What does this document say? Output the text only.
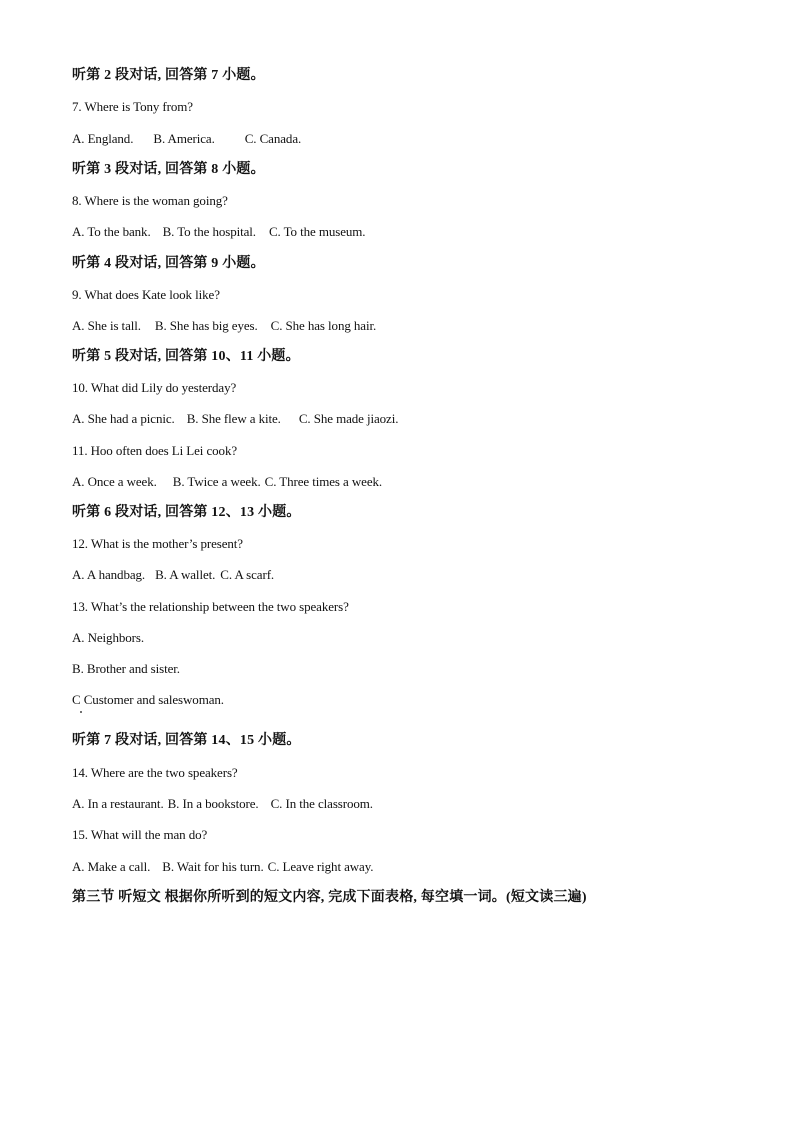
听第 2 段对话, 回答第 7 小题。
7. Where is Tony from?
A. England. B. America. C. Canada.
听第 3 段对话, 回答第 8 小题。
8. Where is the woman going?
A. To the bank. B. To the hospital. C. To the museum.
听第 4 段对话, 回答第 9 小题。
9. What does Kate look like?
A. She is tall. B. She has big eyes. C. She has long hair.
听第 5 段对话, 回答第 10、11 小题。
10. What did Lily do yesterday?
A. She had a picnic. B. She flew a kite. C. She made jiaozi.
11. Hoo often does Li Lei cook?
A. Once a week. B. Twice a week. C. Three times a week.
听第 6 段对话, 回答第 12、13 小题。
12. What is the mother’s present?
A. A handbag. B. A wallet. C. A scarf.
13. What’s the relationship between the two speakers?
A. Neighbors.
B. Brother and sister.
C Customer and saleswoman.
听第 7 段对话, 回答第 14、15 小题。
14. Where are the two speakers?
A. In a restaurant. B. In a bookstore. C. In the classroom.
15. What will the man do?
A. Make a call. B. Wait for his turn. C. Leave right away.
第三节 听短文 根据你所听到的短文内容, 完成下面表格, 每空填一词。(短文读三遍)
